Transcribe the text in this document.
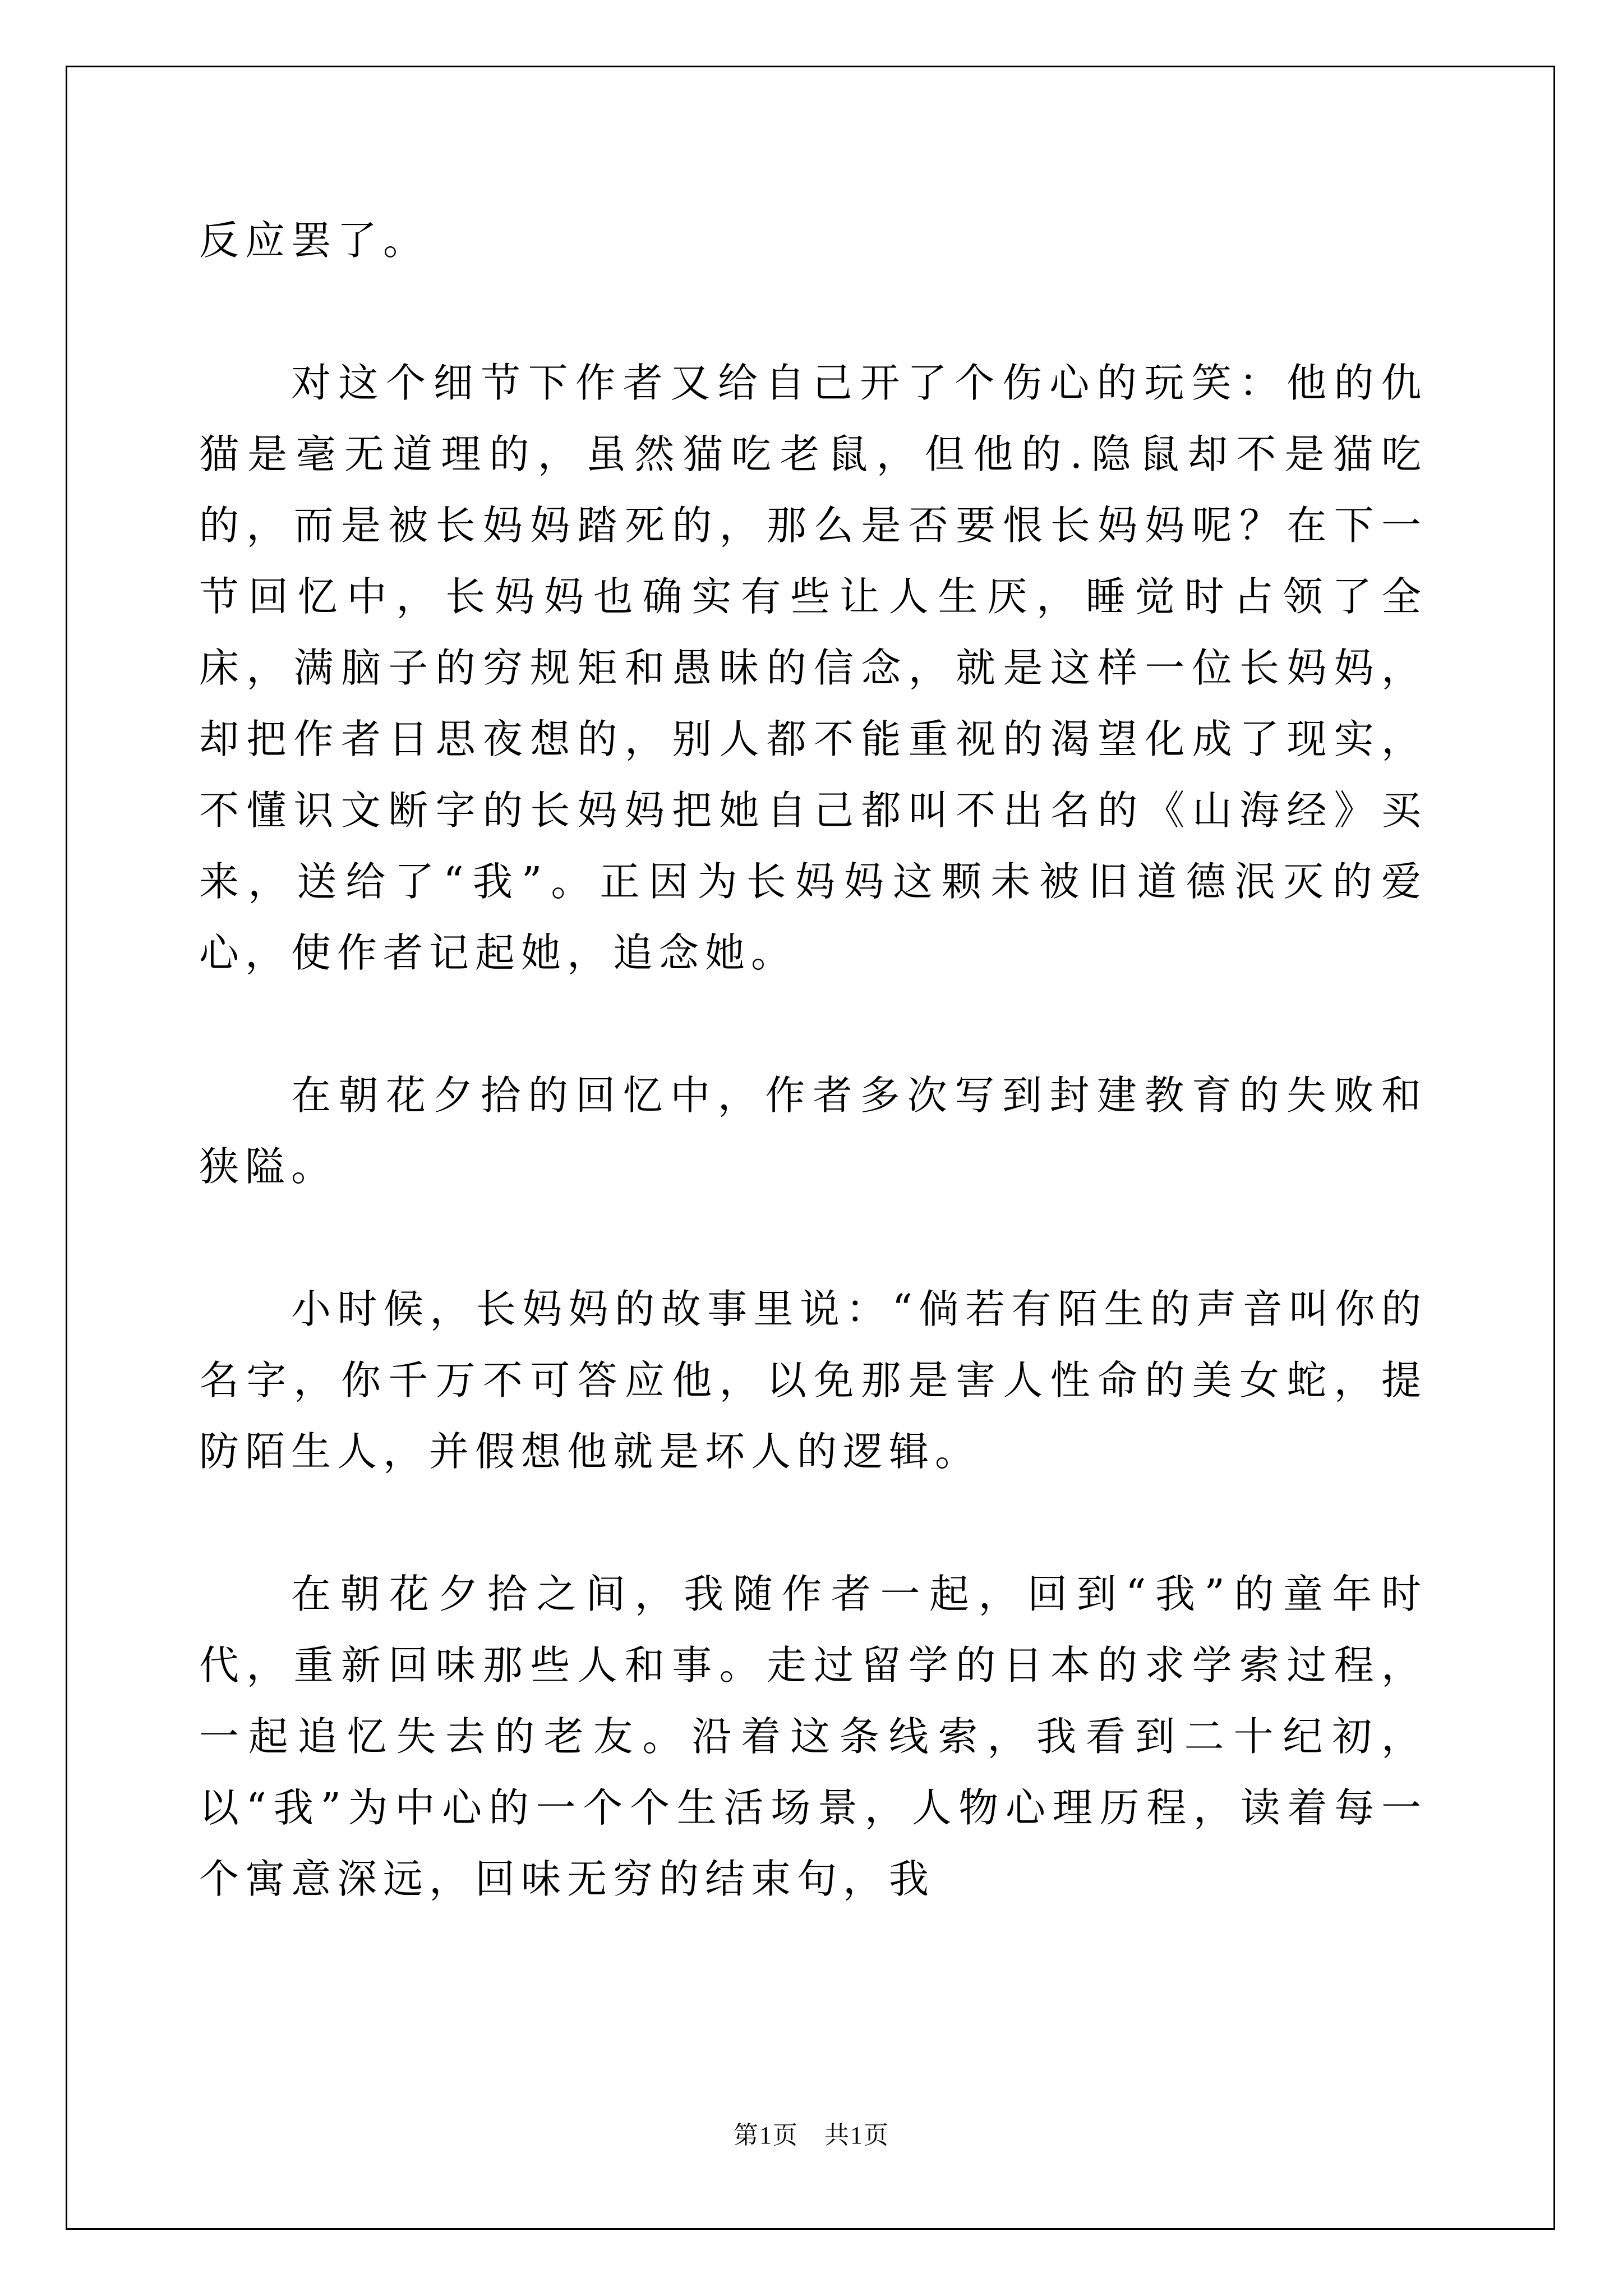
反应罢了。

对这个细节下作者又给自己开了个伤心的玩笑：他的仇猫是毫无道理的，虽然猫吃老鼠，但他的.隐鼠却不是猫吃的，而是被长妈妈踏死的，那么是否要恨长妈妈呢？在下一节回忆中，长妈妈也确实有些让人生厌，睡觉时占领了全床，满脑子的穷规矩和愚昧的信念，就是这样一位长妈妈，却把作者日思夜想的，别人都不能重视的渴望化成了现实，不懂识文断字的长妈妈把她自己都叫不出名的《山海经》买来，送给了“我”。正因为长妈妈这颗未被旧道德泯灭的爱心，使作者记起她，追念她。

在朝花夕拾的回忆中，作者多次写到封建教育的失败和狭隘。

小时候，长妈妈的故事里说：“倘若有陌生的声音叫你的名字，你千万不可答应他，以免那是害人性命的美女蛇，提防陌生人，并假想他就是坏人的逻辑。

在朝花夕拾之间，我随作者一起，回到“我”的童年时代，重新回味那些人和事。走过留学的日本的求学索过程，一起追忆失去的老友。沿着这条线索，我看到二十纪初，以“我”为中心的一个个生活场景，人物心理历程，读着每一个寓意深远，回味无穷的结束句，我

第1页　共1页
